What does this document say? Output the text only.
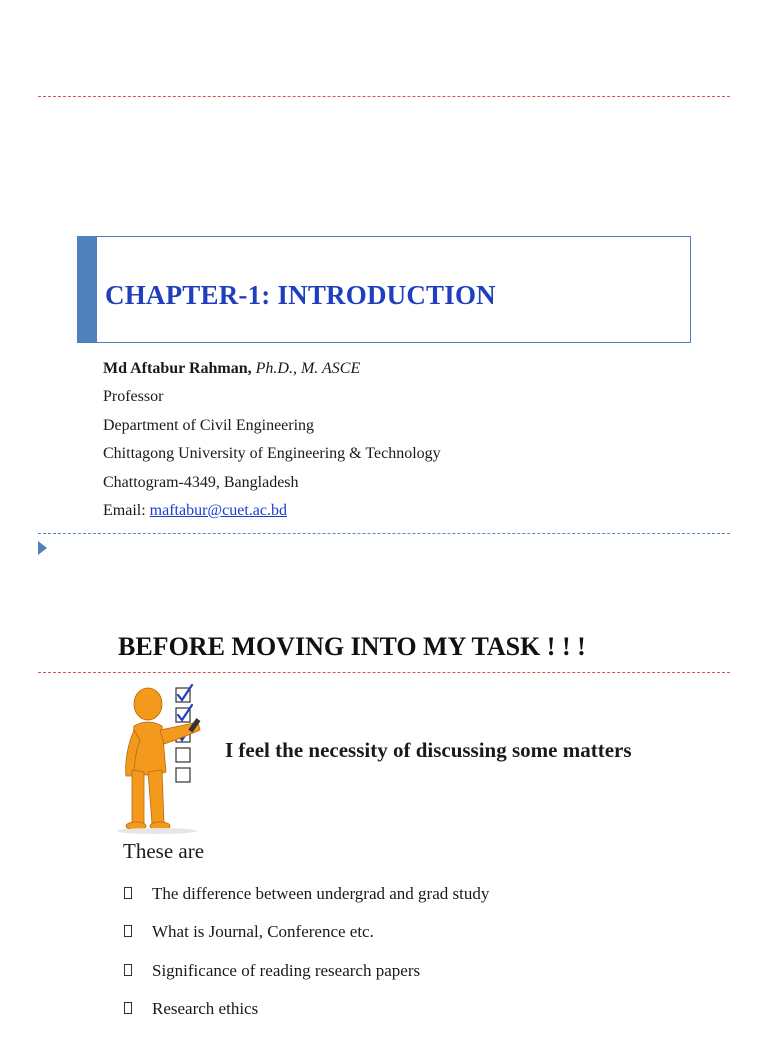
CHAPTER-1: INTRODUCTION
Md Aftabur Rahman, Ph.D., M. ASCE
Professor
Department of Civil Engineering
Chittagong University of Engineering & Technology
Chattogram-4349, Bangladesh
Email: maftabur@cuet.ac.bd
BEFORE MOVING INTO MY TASK ! ! !
I feel the necessity of discussing some matters
These are
The difference between undergrad and grad study
What is Journal, Conference etc.
Significance of reading research papers
Research ethics
